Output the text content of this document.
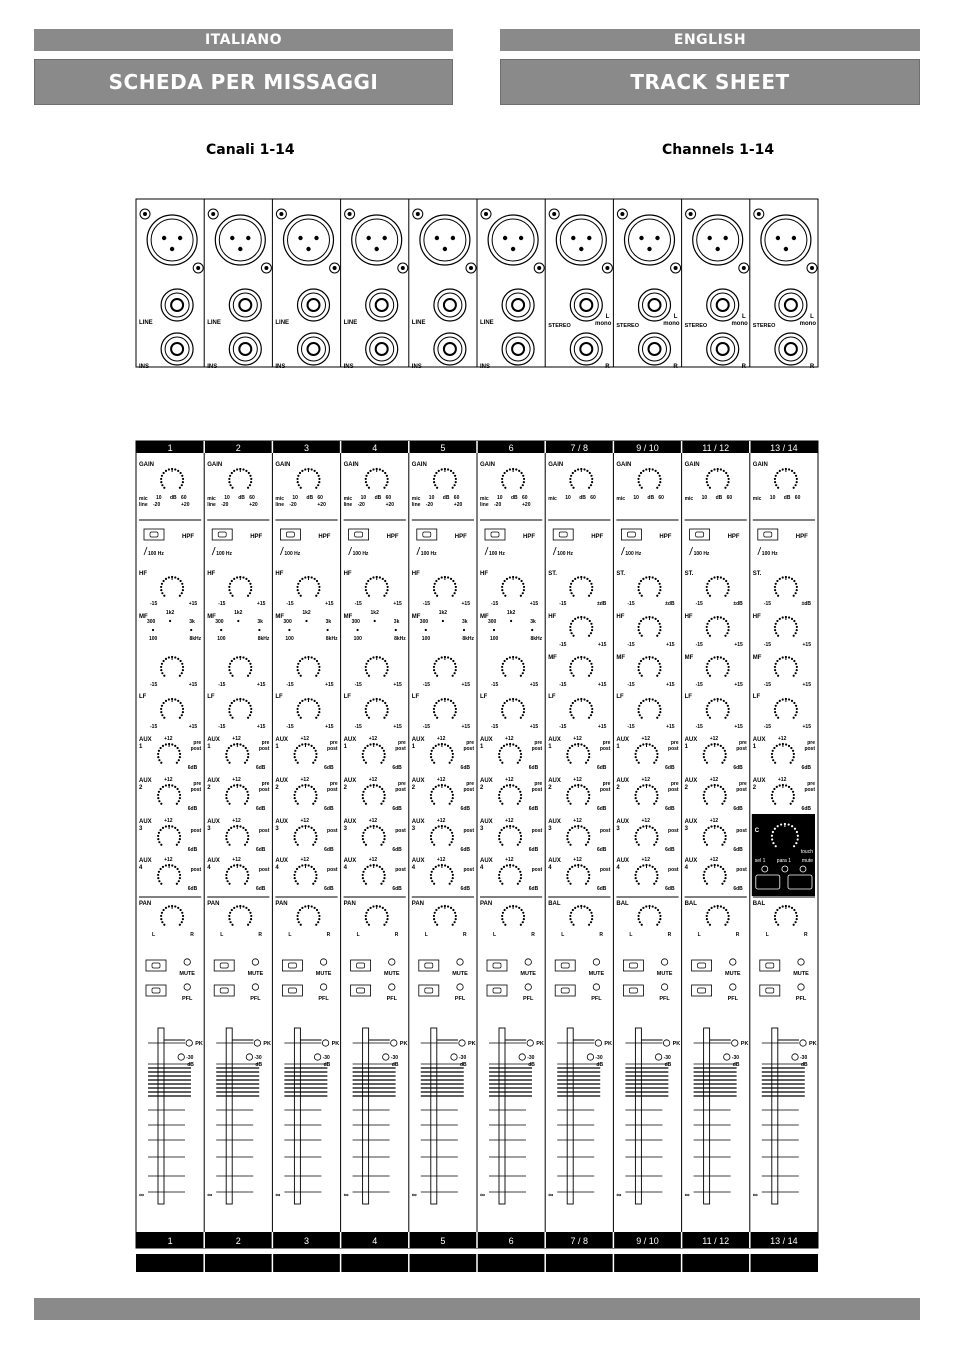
ITALIANO	ENGLISH
SCHEDA PER MISSAGGI	TRACK SHEET
Canali 1-14	Channels 1-14
LINE
INS
LINE
INS
LINE
INS
LINE
INS
LINE
INS
LINE
INS
STEREO
L
mono
R
STEREO
L
mono
R
STEREO
L
mono
R
STEREO
L
mono
R
1
1
GAIN
mic 10 dB 60
line -20	+20
HPF
100 Hz
HF
-15	+15
MF
300
1k2
3k
100	8kHz
-15	+15
LF
-15	+15
AUX
1
+12
pre
post
6dB
AUX
2
+12
pre
post
6dB
AUX
3
+12
post
6dB
AUX
4
+12
post
6dB
PAN
L	R
MUTE
PFL
∞
PK
-30
dB
2
2
GAIN
mic 10 dB 60
line -20	+20
HPF
100 Hz
HF
-15	+15
MF
300
1k2
3k
100	8kHz
-15	+15
LF
-15	+15
AUX
1
+12
pre
post
6dB
AUX
2
+12
pre
post
6dB
AUX
3
+12
post
6dB
AUX
4
+12
post
6dB
PAN
L	R
MUTE
PFL
∞
PK
-30
dB
3
3
GAIN
mic 10 dB 60
line -20	+20
HPF
100 Hz
HF
-15	+15
MF
300
1k2
3k
100	8kHz
-15	+15
LF
-15	+15
AUX
1
+12
pre
post
6dB
AUX
2
+12
pre
post
6dB
AUX
3
+12
post
6dB
AUX
4
+12
post
6dB
PAN
L	R
MUTE
PFL
∞
PK
-30
dB
4
4
GAIN
mic 10 dB 60
line -20	+20
HPF
100 Hz
HF
-15	+15
MF
300
1k2
3k
100	8kHz
-15	+15
LF
-15	+15
AUX
1
+12
pre
post
6dB
AUX
2
+12
pre
post
6dB
AUX
3
+12
post
6dB
AUX
4
+12
post
6dB
PAN
L	R
MUTE
PFL
∞
PK
-30
dB
5
5
GAIN
mic 10 dB 60
line -20	+20
HPF
100 Hz
HF
-15	+15
MF
300
1k2
3k
100	8kHz
-15	+15
LF
-15	+15
AUX
1
+12
pre
post
6dB
AUX
2
+12
pre
post
6dB
AUX
3
+12
post
6dB
AUX
4
+12
post
6dB
PAN
L	R
MUTE
PFL
∞
PK
-30
dB
6
6
GAIN
mic 10 dB 60
line -20	+20
HPF
100 Hz
HF
-15	+15
MF
300
1k2
3k
100	8kHz
-15	+15
LF
-15	+15
AUX
1
+12
pre
post
6dB
AUX
2
+12
pre
post
6dB
AUX
3
+12
post
6dB
AUX
4
+12
post
6dB
PAN
L	R
MUTE
PFL
∞
PK
-30
dB
7 / 8
7 / 8
GAIN
mic 10 dB 60
HPF
100 Hz
ST.
-15	±dB
HF
-15	+15
MF
-15	+15
LF
-15	+15
AUX
1
+12
pre
post
6dB
AUX
2
+12
pre
post
6dB
AUX
3
+12
post
6dB
AUX
4
+12
post
6dB
BAL
L	R
MUTE
PFL
∞
PK
-30
dB
9 / 10
9 / 10
GAIN
mic 10 dB 60
HPF
100 Hz
ST.
-15	±dB
HF
-15	+15
MF
-15	+15
LF
-15	+15
AUX
1
+12
pre
post
6dB
AUX
2
+12
pre
post
6dB
AUX
3
+12
post
6dB
AUX
4
+12
post
6dB
BAL
L	R
MUTE
PFL
∞
PK
-30
dB
11 / 12
11 / 12
GAIN
mic 10 dB 60
HPF
100 Hz
ST.
-15	±dB
HF
-15	+15
MF
-15	+15
LF
-15	+15
AUX
1
+12
pre
post
6dB
AUX
2
+12
pre
post
6dB
AUX
3
+12
post
6dB
AUX
4
+12
post
6dB
BAL
L	R
MUTE
PFL
∞
PK
-30
dB
13 / 14
13 / 14
GAIN
mic 10 dB 60
HPF
100 Hz
ST.
-15	±dB
HF
-15	+15
MF
-15	+15
LF
-15	+15
AUX
1
+12
pre
post
6dB
AUX
2
+12
pre
post
6dB
C
touch
sel 1 para 1 mute
BAL
L	R
MUTE
PFL
∞
PK
-30
dB
